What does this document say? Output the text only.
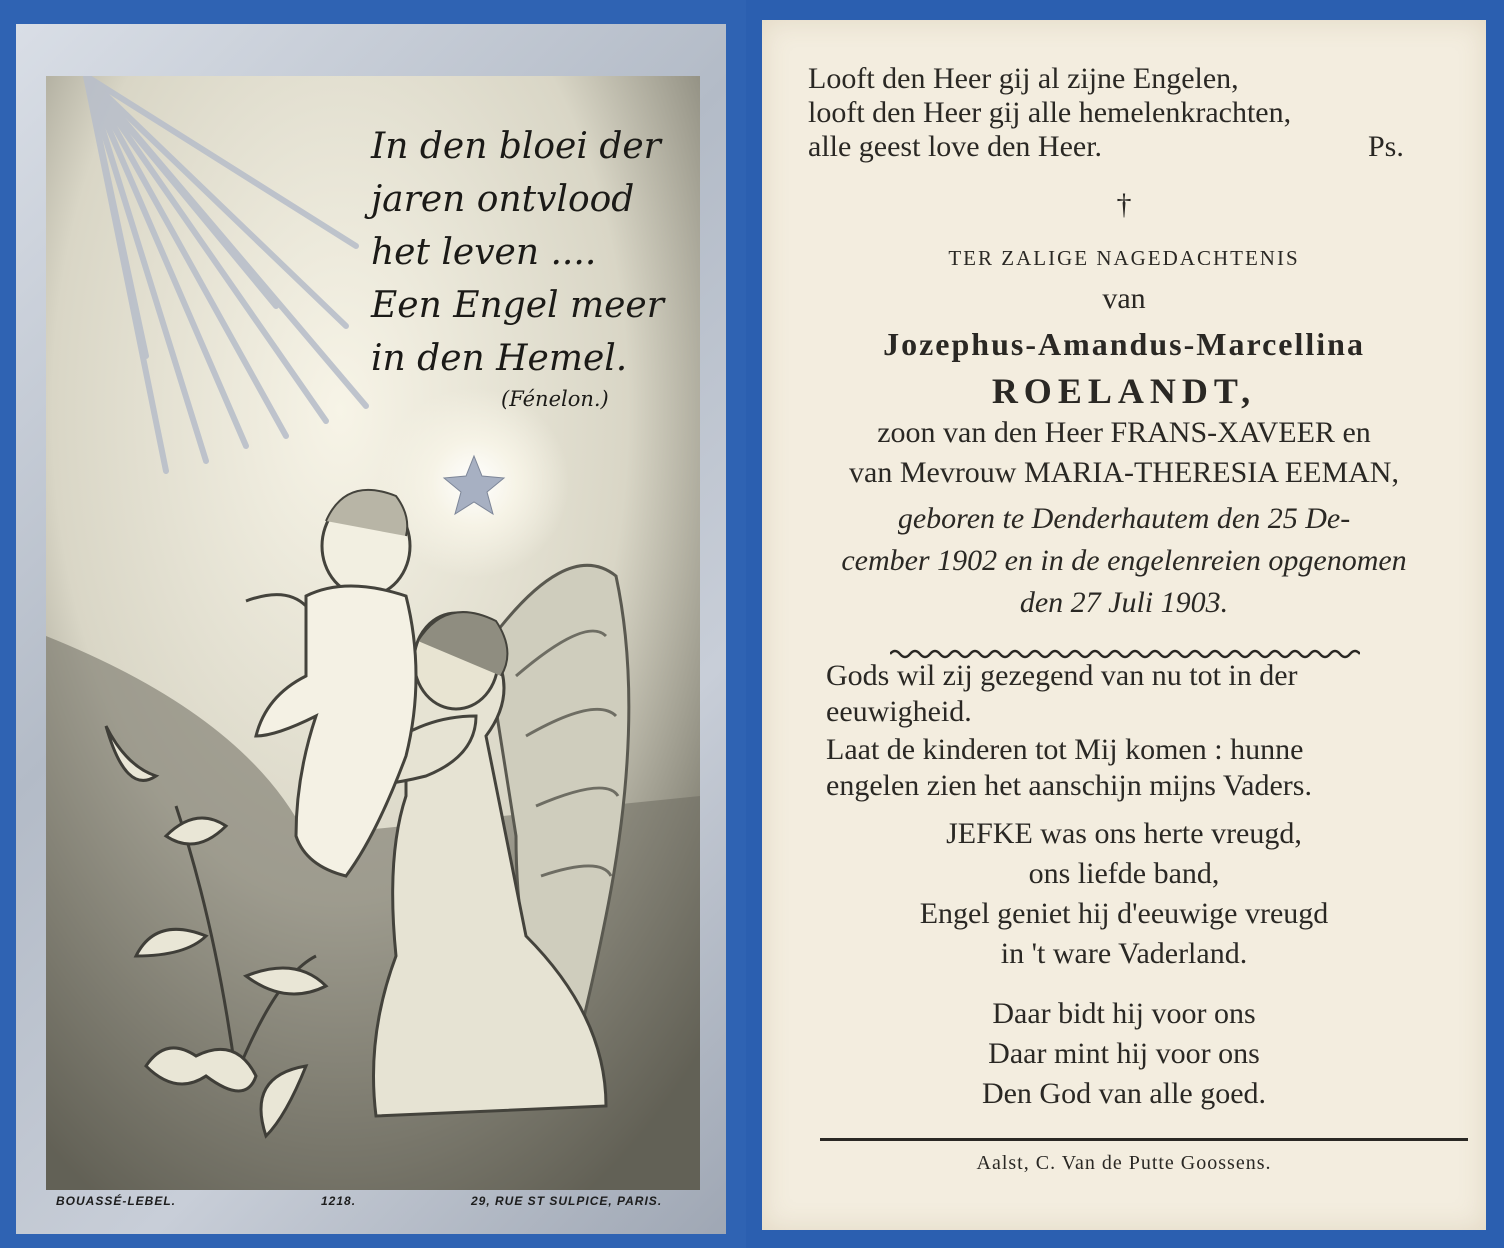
In den bloei der
jaren ontvlood
het leven ....
Een Engel meer
in den Hemel.
(Fénelon.)
BOUASSÉ-LEBEL.	1218.	29, RUE ST SULPICE, PARIS.
Looft den Heer gij al zijne Engelen,
looft den Heer gij alle hemelenkrachten,
alle geest love den Heer.	Ps.
†
TER ZALIGE NAGEDACHTENIS
van
Jozephus-Amandus-Marcellina
ROELANDT,
zoon van den Heer FRANS-XAVEER en
van Mevrouw MARIA-THERESIA EEMAN,
geboren te Denderhautem den 25 De-
cember 1902 en in de engelenreien opgenomen
den 27 Juli 1903.
Gods wil zij gezegend van nu tot in der
eeuwigheid.
Laat de kinderen tot Mij komen : hunne
engelen zien het aanschijn mijns Vaders.
JEFKE was ons herte vreugd,
ons liefde band,
Engel geniet hij d'eeuwige vreugd
in 't ware Vaderland.
Daar bidt hij voor ons
Daar mint hij voor ons
Den God van alle goed.
Aalst, C. Van de Putte Goossens.
